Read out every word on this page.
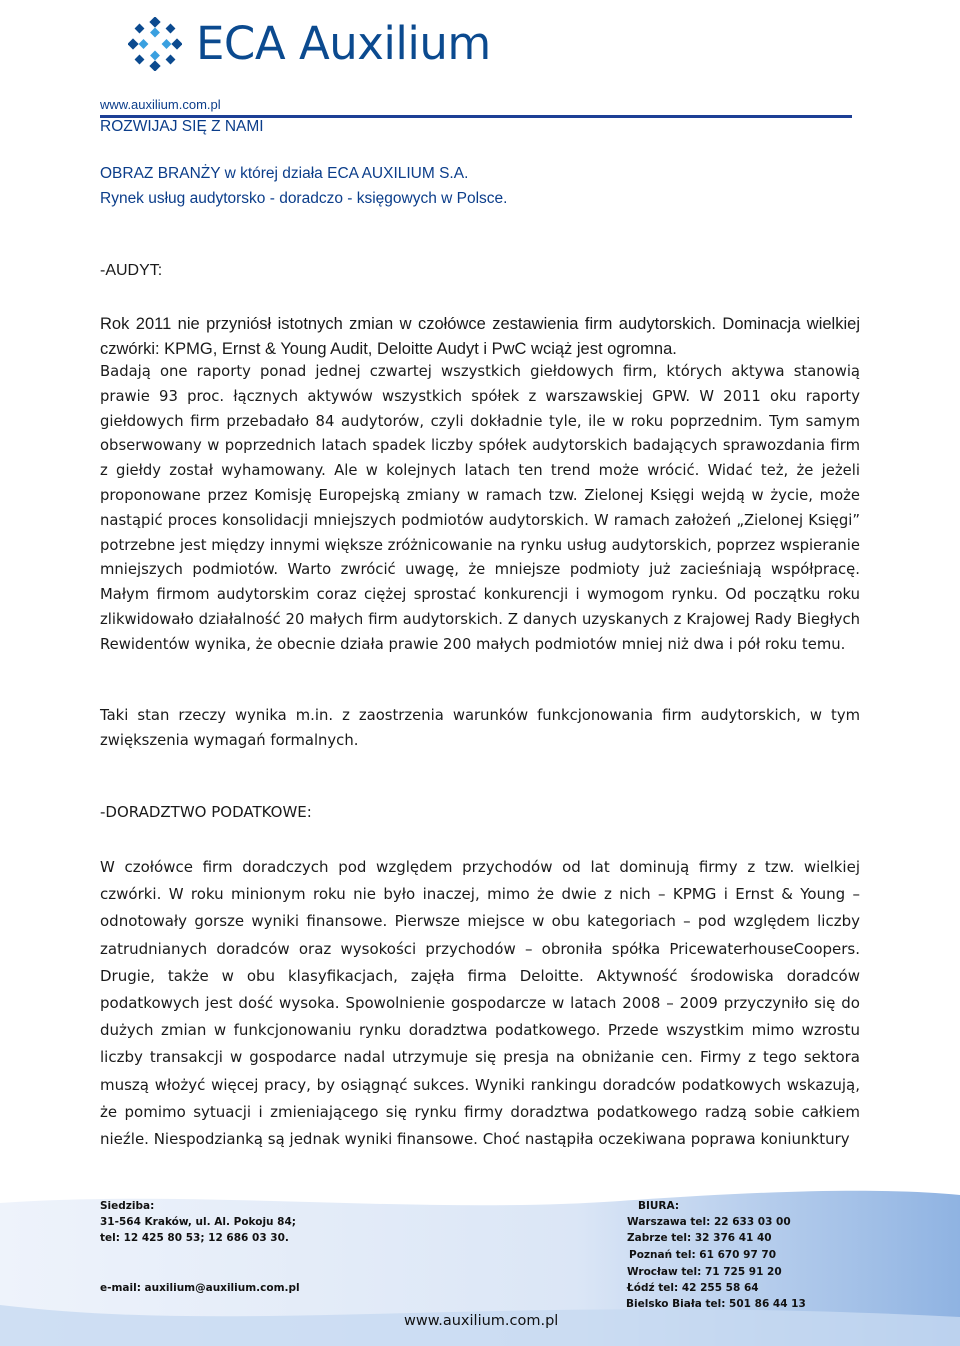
ECA Auxilium
www.auxilium.com.pl
ROZWIJAJ SIĘ Z NAMI
OBRAZ BRANŻY w której działa ECA AUXILIUM S.A.
Rynek usług audytorsko - doradczo - księgowych w Polsce.
-AUDYT:

Rok 2011 nie przyniósł istotnych zmian w czołówce zestawienia firm audytorskich. Dominacja wielkiej czwórki: KPMG, Ernst & Young Audit, Deloitte Audyt i PwC wciąż jest ogromna.

Badają one raporty ponad jednej czwartej wszystkich giełdowych firm, których aktywa stanowią prawie 93 proc. łącznych aktywów wszystkich spółek z warszawskiej GPW. W 2011 oku raporty giełdowych firm przebadało 84 audytorów, czyli dokładnie tyle, ile w roku poprzednim. Tym samym obserwowany w poprzednich latach spadek liczby spółek audytorskich badających sprawozdania firm z giełdy został wyhamowany. Ale w kolejnych latach ten trend może wrócić. Widać też, że jeżeli proponowane przez Komisję Europejską zmiany w ramach tzw. Zielonej Księgi wejdą w życie, może nastąpić proces konsolidacji mniejszych podmiotów audytorskich. W ramach założeń „Zielonej Księgi” potrzebne jest między innymi większe zróżnicowanie na rynku usług audytorskich, poprzez wspieranie mniejszych podmiotów. Warto zwrócić uwagę, że mniejsze podmioty już zacieśniają współpracę. Małym firmom audytorskim coraz ciężej sprostać konkurencji i wymogom rynku. Od początku roku zlikwidowało działalność 20 małych firm audytorskich. Z danych uzyskanych z Krajowej Rady Biegłych Rewidentów wynika, że obecnie działa prawie 200 małych podmiotów mniej niż dwa i pół roku temu.

Taki stan rzeczy wynika m.in. z zaostrzenia warunków funkcjonowania firm audytorskich, w tym zwiększenia wymagań formalnych.

-DORADZTWO PODATKOWE:

W czołówce firm doradczych pod względem przychodów od lat dominują firmy z tzw. wielkiej czwórki. W roku minionym roku nie było inaczej, mimo że dwie z nich – KPMG i Ernst & Young – odnotowały gorsze wyniki finansowe. Pierwsze miejsce w obu kategoriach – pod względem liczby zatrudnianych doradców oraz wysokości przychodów – obroniła spółka PricewaterhouseCoopers. Drugie, także w obu klasyfikacjach, zajęła firma Deloitte. Aktywność środowiska doradców podatkowych jest dość wysoka. Spowolnienie gospodarcze w latach 2008 – 2009 przyczyniło się do dużych zmian w funkcjonowaniu rynku doradztwa podatkowego. Przede wszystkim mimo wzrostu liczby transakcji w gospodarce nadal utrzymuje się presja na obniżanie cen. Firmy z tego sektora muszą włożyć więcej pracy, by osiągnąć sukces. Wyniki rankingu doradców podatkowych wskazują, że pomimo sytuacji i zmieniającego się rynku firmy doradztwa podatkowego radzą sobie całkiem nieźle. Niespodzianką są jednak wyniki finansowe. Choć nastąpiła oczekiwana poprawa koniunktury

Siedziba:
31-564 Kraków, ul. Al. Pokoju 84;
tel: 12 425 80 53; 12 686 03 30.
e-mail: auxilium@auxilium.com.pl
BIURA:
Warszawa tel: 22 633 03 00
Zabrze tel: 32 376 41 40
Poznań tel: 61 670 97 70
Wrocław tel: 71 725 91 20
Łódź tel: 42 255 58 64
Bielsko Biała tel: 501 86 44 13
www.auxilium.com.pl
